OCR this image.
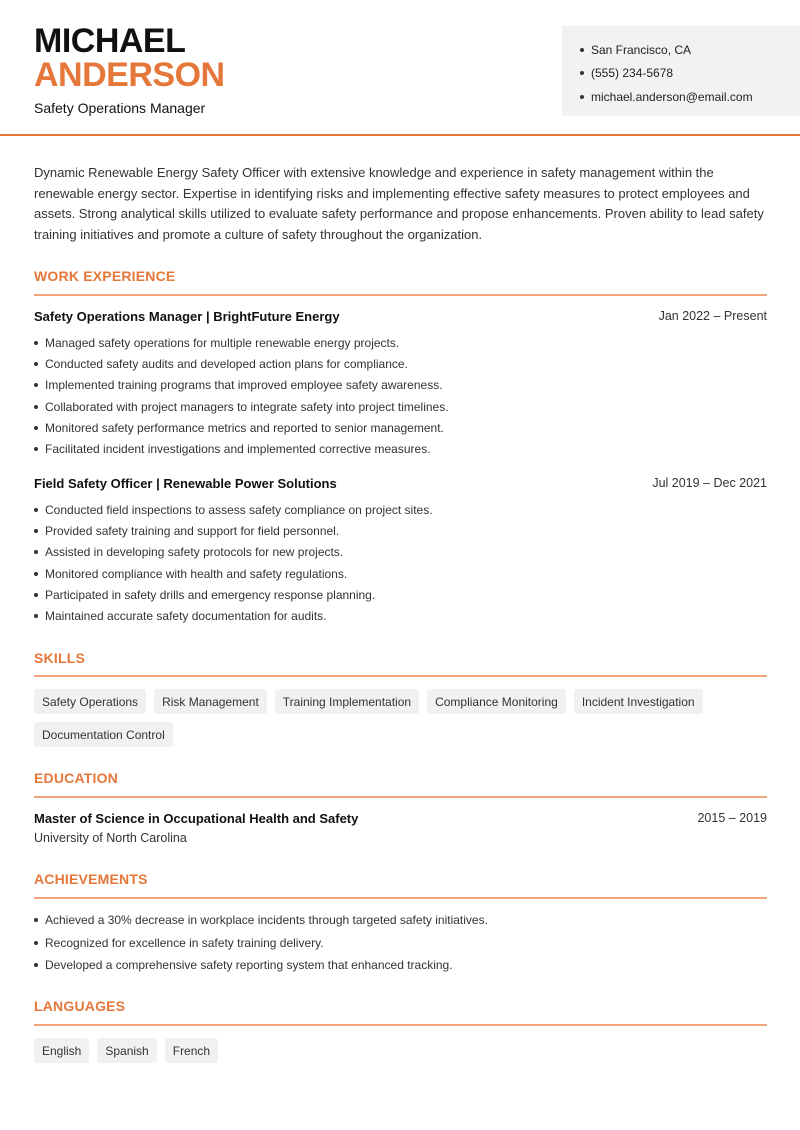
MICHAEL
ANDERSON
Safety Operations Manager
San Francisco, CA
(555) 234-5678
michael.anderson@email.com
Dynamic Renewable Energy Safety Officer with extensive knowledge and experience in safety management within the renewable energy sector. Expertise in identifying risks and implementing effective safety measures to protect employees and assets. Strong analytical skills utilized to evaluate safety performance and propose enhancements. Proven ability to lead safety training initiatives and promote a culture of safety throughout the organization.
WORK EXPERIENCE
Safety Operations Manager | BrightFuture Energy	Jan 2022 – Present
Managed safety operations for multiple renewable energy projects.
Conducted safety audits and developed action plans for compliance.
Implemented training programs that improved employee safety awareness.
Collaborated with project managers to integrate safety into project timelines.
Monitored safety performance metrics and reported to senior management.
Facilitated incident investigations and implemented corrective measures.
Field Safety Officer | Renewable Power Solutions	Jul 2019 – Dec 2021
Conducted field inspections to assess safety compliance on project sites.
Provided safety training and support for field personnel.
Assisted in developing safety protocols for new projects.
Monitored compliance with health and safety regulations.
Participated in safety drills and emergency response planning.
Maintained accurate safety documentation for audits.
SKILLS
Safety Operations	Risk Management	Training Implementation	Compliance Monitoring	Incident Investigation
Documentation Control
EDUCATION
Master of Science in Occupational Health and Safety	2015 – 2019
University of North Carolina
ACHIEVEMENTS
Achieved a 30% decrease in workplace incidents through targeted safety initiatives.
Recognized for excellence in safety training delivery.
Developed a comprehensive safety reporting system that enhanced tracking.
LANGUAGES
English	Spanish	French
